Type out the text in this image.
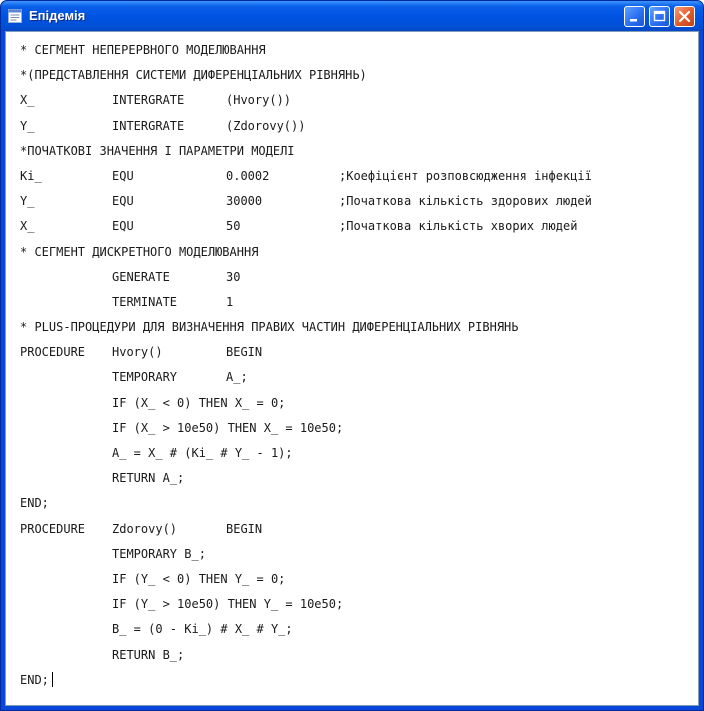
Епідемія
* СЕГМЕНТ НЕПЕРЕРВНОГО МОДЕЛЮВАННЯ
*(ПРЕДСТАВЛЕННЯ СИСТЕМИ ДИФЕРЕНЦІАЛЬНИХ РІВНЯНЬ)
X_	INTERGRATE	(Hvory())
Y_	INTERGRATE	(Zdorovy())
*ПОЧАТКОВІ ЗНАЧЕННЯ І ПАРАМЕТРИ МОДЕЛІ
Ki_	EQU	0.0002	;Коефіцієнт розповсюдження інфекції
Y_	EQU	30000	;Початкова кількість здорових людей
X_	EQU	50	;Початкова кількість хворих людей
* СЕГМЕНТ ДИСКРЕТНОГО МОДЕЛЮВАННЯ
GENERATE	30
TERMINATE	1
* PLUS-ПРОЦЕДУРИ ДЛЯ ВИЗНАЧЕННЯ ПРАВИХ ЧАСТИН ДИФЕРЕНЦІАЛЬНИХ РІВНЯНЬ
PROCEDURE Hvory()	BEGIN
TEMPORARY	A_;
IF (X_ < 0) THEN X_ = 0;
IF (X_ > 10e50) THEN X_ = 10e50;
A_ = X_ # (Ki_ # Y_ - 1);
RETURN A_;
END;
PROCEDURE Zdorovy()	BEGIN
TEMPORARY B_;
IF (Y_ < 0) THEN Y_ = 0;
IF (Y_ > 10e50) THEN Y_ = 10e50;
B_ = (0 - Ki_) # X_ # Y_;
RETURN B_;
END;
